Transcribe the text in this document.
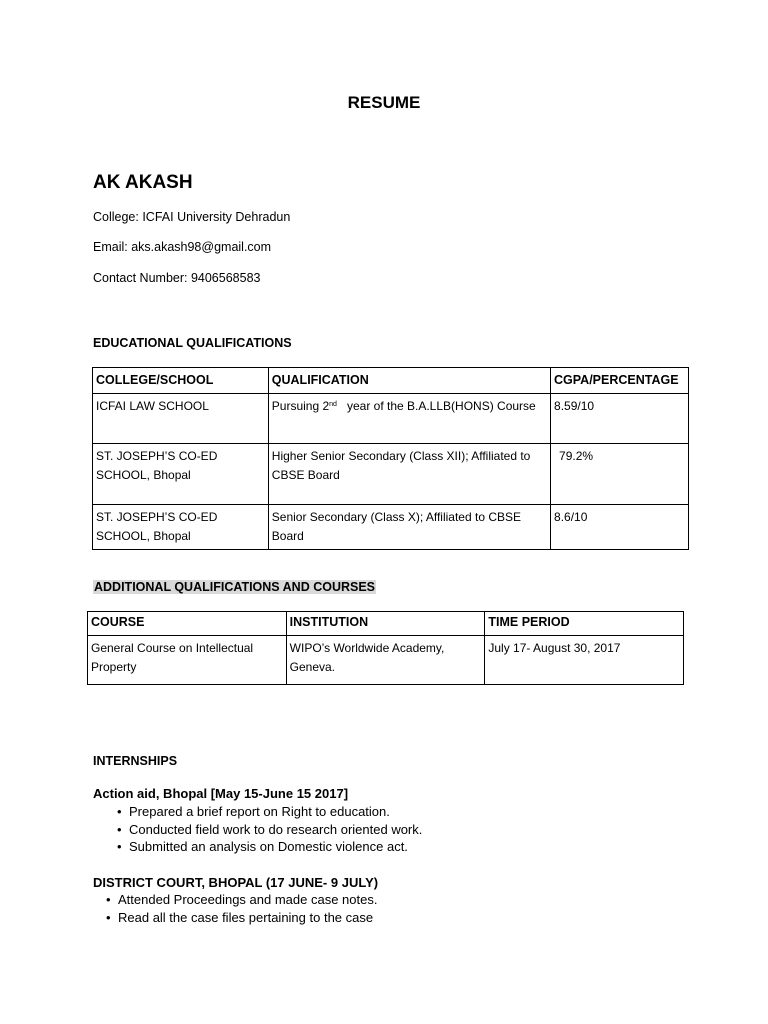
RESUME
AK AKASH
College: ICFAI University Dehradun
Email: aks.akash98@gmail.com
Contact Number: 9406568583
EDUCATIONAL QUALIFICATIONS
COLLEGE/SCHOOL	QUALIFICATION	CGPA/PERCENTAGE
ICFAI LAW SCHOOL	Pursuing 2nd year of the B.A.LLB(HONS) Course	8.59/10
ST. JOSEPH’S CO-ED SCHOOL, Bhopal	Higher Senior Secondary (Class XII); Affiliated to CBSE Board	79.2%
ST. JOSEPH’S CO-ED SCHOOL, Bhopal	Senior Secondary (Class X); Affiliated to CBSE Board	8.6/10
ADDITIONAL QUALIFICATIONS AND COURSES
COURSE	INSTITUTION	TIME PERIOD
General Course on Intellectual Property	WIPO’s Worldwide Academy, Geneva.	July 17- August 30, 2017
INTERNSHIPS
Action aid, Bhopal [May 15-June 15 2017]
• Prepared a brief report on Right to education.
• Conducted field work to do research oriented work.
• Submitted an analysis on Domestic violence act.
DISTRICT COURT, BHOPAL (17 JUNE- 9 JULY)
• Attended Proceedings and made case notes.
• Read all the case files pertaining to the case
